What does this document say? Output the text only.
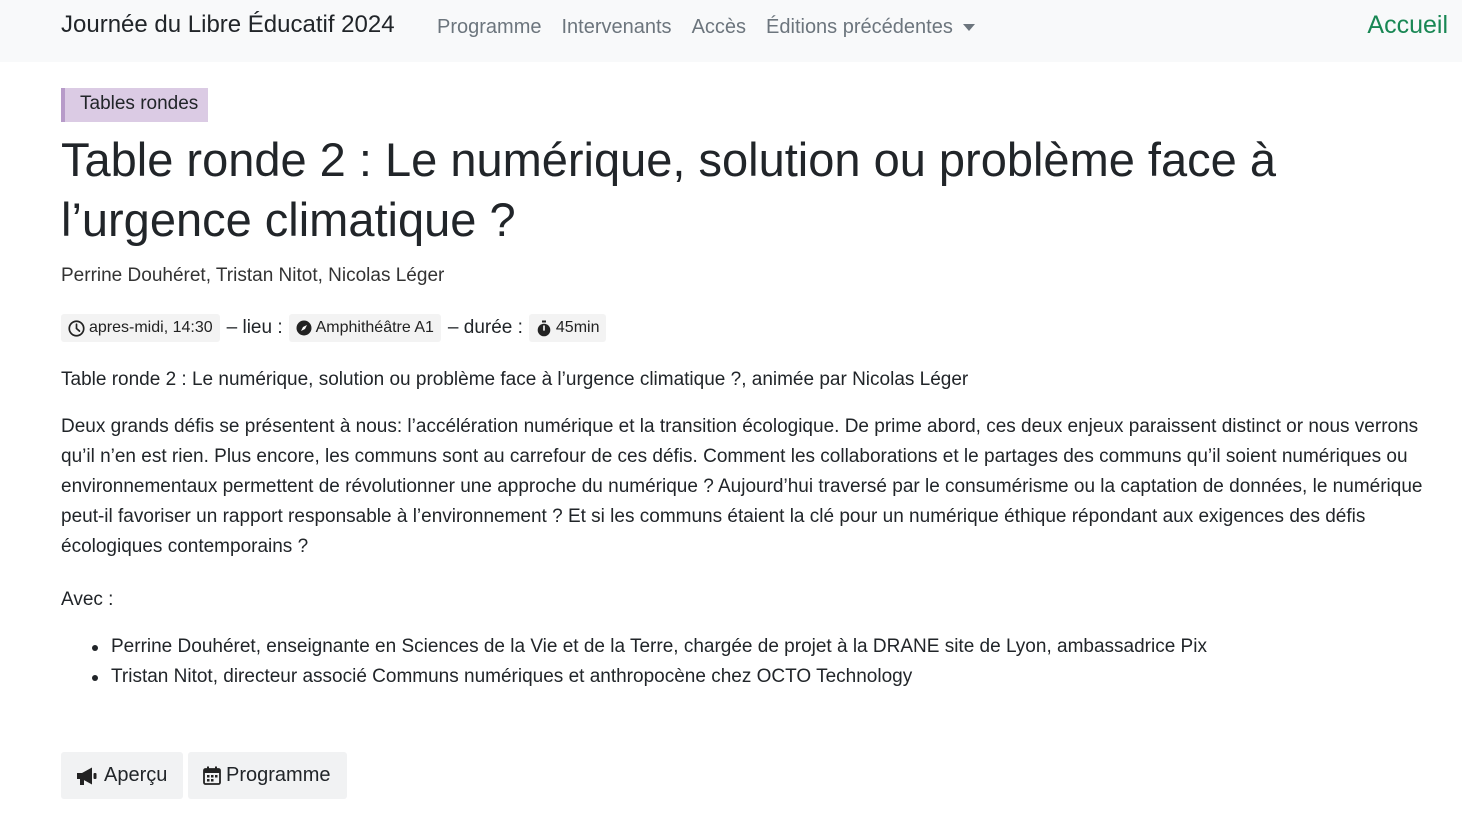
Journée du Libre Éducatif 2024 Programme Intervenants Accès Éditions précédentes	Accueil
Tables rondes
Table ronde 2 : Le numérique, solution ou problème face à l’urgence climatique ?
Perrine Douhéret, Tristan Nitot, Nicolas Léger
apres-midi, 14:30 – lieu : Amphithéâtre A1 – durée : 45min

Table ronde 2 : Le numérique, solution ou problème face à l’urgence climatique ?, animée par Nicolas Léger

Deux grands défis se présentent à nous: l’accélération numérique et la transition écologique. De prime abord, ces deux enjeux paraissent distinct or nous verrons qu’il n’en est rien. Plus encore, les communs sont au carrefour de ces défis. Comment les collaborations et le partages des communs qu’il soient numériques ou environnementaux permettent de révolutionner une approche du numérique ? Aujourd’hui traversé par le consumérisme ou la captation de données, le numérique peut-il favoriser un rapport responsable à l’environnement ? Et si les communs étaient la clé pour un numérique éthique répondant aux exigences des défis écologiques contemporains ?

Avec :

Perrine Douhéret, enseignante en Sciences de la Vie et de la Terre, chargée de projet à la DRANE site de Lyon, ambassadrice Pix
Tristan Nitot, directeur associé Communs numériques et anthropocène chez OCTO Technology
Aperçu	Programme
